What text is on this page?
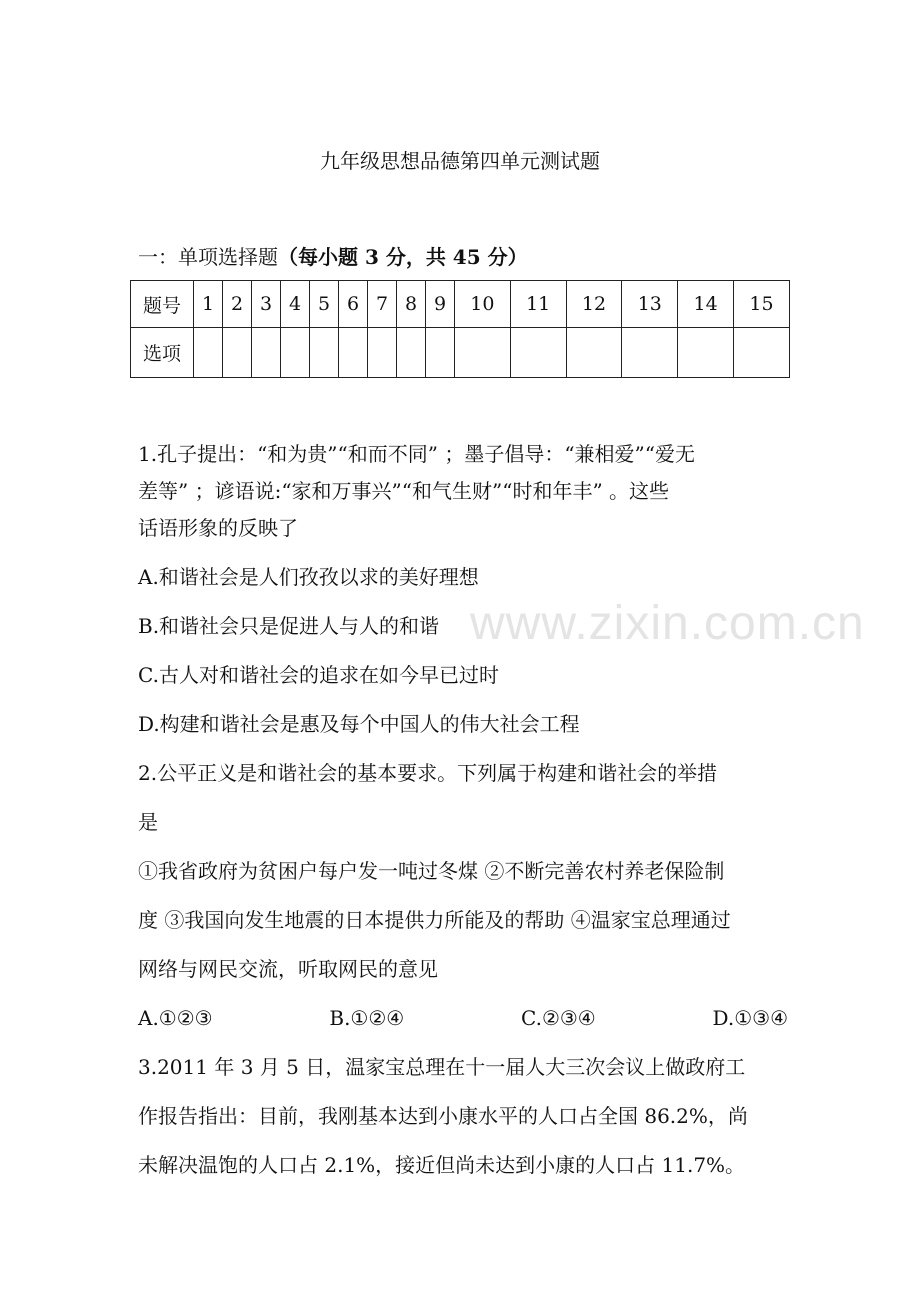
九年级思想品德第四单元测试题
一：单项选择题（每小题 3 分，共 45 分）
题号	1	2	3	4	5	6	7	8	9	10	11	12	13	14	15
选项															
1.孔子提出：“和为贵”“和而不同” ；墨子倡导：“兼相爱”“爱无
差等” ；谚语说:“家和万事兴”“和气生财”“时和年丰” 。这些
话语形象的反映了
A.和谐社会是人们孜孜以求的美好理想
B.和谐社会只是促进人与人的和谐
C.古人对和谐社会的追求在如今早已过时
D.构建和谐社会是惠及每个中国人的伟大社会工程
2.公平正义是和谐社会的基本要求。下列属于构建和谐社会的举措
是
①我省政府为贫困户每户发一吨过冬煤 ②不断完善农村养老保险制
度 ③我国向发生地震的日本提供力所能及的帮助 ④温家宝总理通过
网络与网民交流，听取网民的意见
A.①②③	B.①②④	C.②③④	D.①③④
3.2011 年 3 月 5 日，温家宝总理在十一届人大三次会议上做政府工
作报告指出：目前，我刚基本达到小康水平的人口占全国 86.2%，尚
未解决温饱的人口占 2.1%，接近但尚未达到小康的人口占 11.7%。
www.zixin.com.cn
